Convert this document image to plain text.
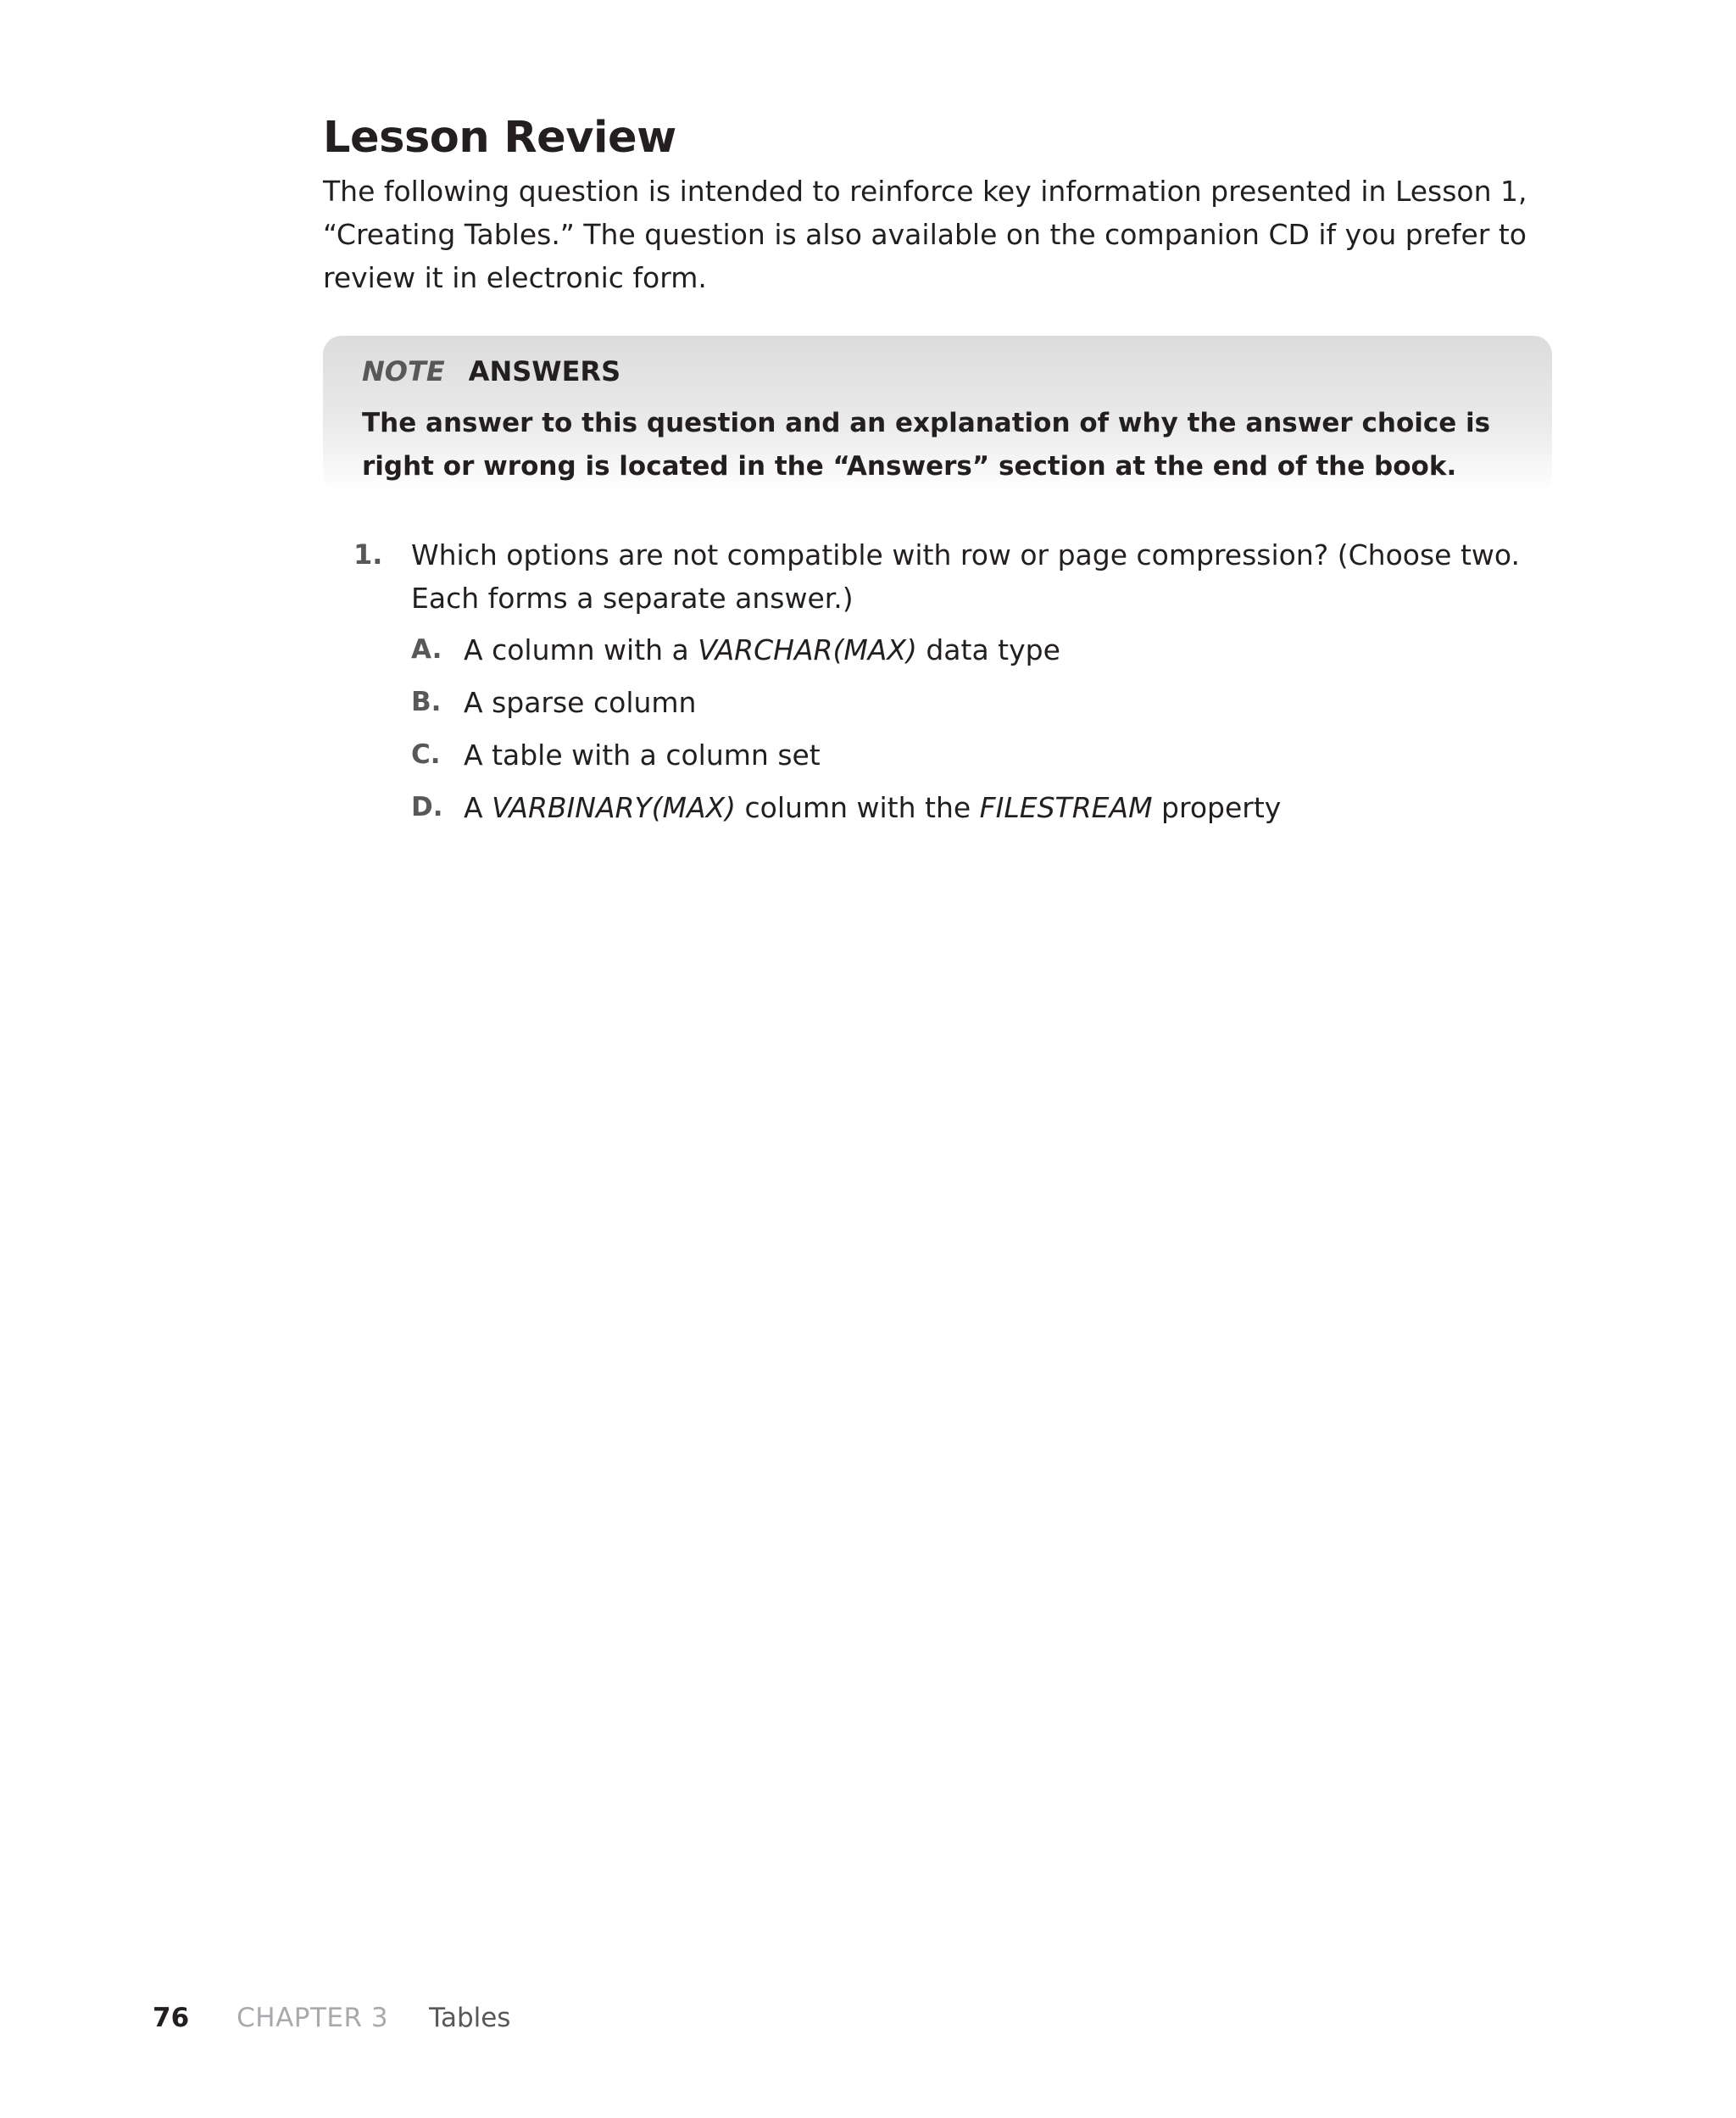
Lesson Review

The following question is intended to reinforce key information presented in Lesson 1, “Creating Tables.” The question is also available on the companion CD if you prefer to review it in electronic form.

NOTE ANSWERS
The answer to this question and an explanation of why the answer choice is right or wrong is located in the “Answers” section at the end of the book.
1. Which options are not compatible with row or page compression? (Choose two. Each forms a separate answer.)
A. A column with a VARCHAR(MAX) data type
B. A sparse column
C. A table with a column set
D. A VARBINARY(MAX) column with the FILESTREAM property
76 CHAPTER 3 Tables
